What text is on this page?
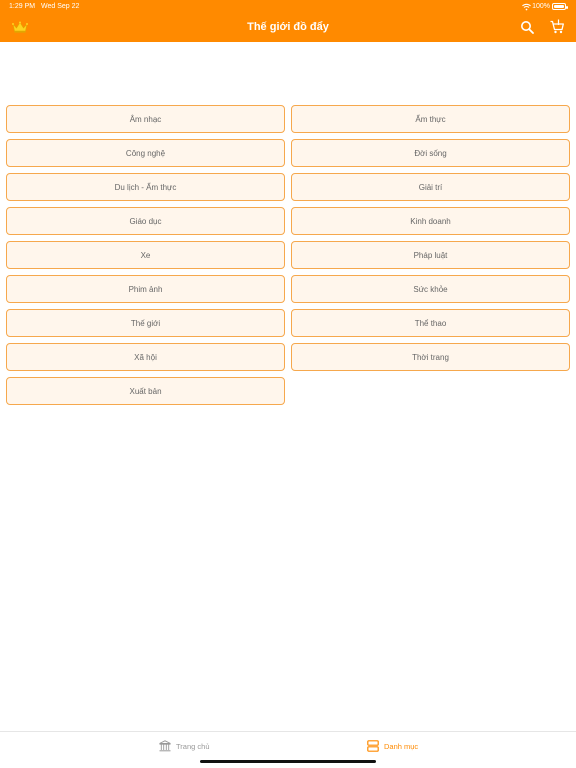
1:29 PM Wed Sep 22	100%
Thế giới đồ đẩy
Âm nhạc	Ẩm thực
Công nghệ	Đời sống
Du lịch - Ẩm thực	Giải trí
Giáo dục	Kinh doanh
Xe	Pháp luật
Phim ảnh	Sức khỏe
Thế giới	Thể thao
Xã hội	Thời trang
Xuất bản
Trang chủ	Danh mục
